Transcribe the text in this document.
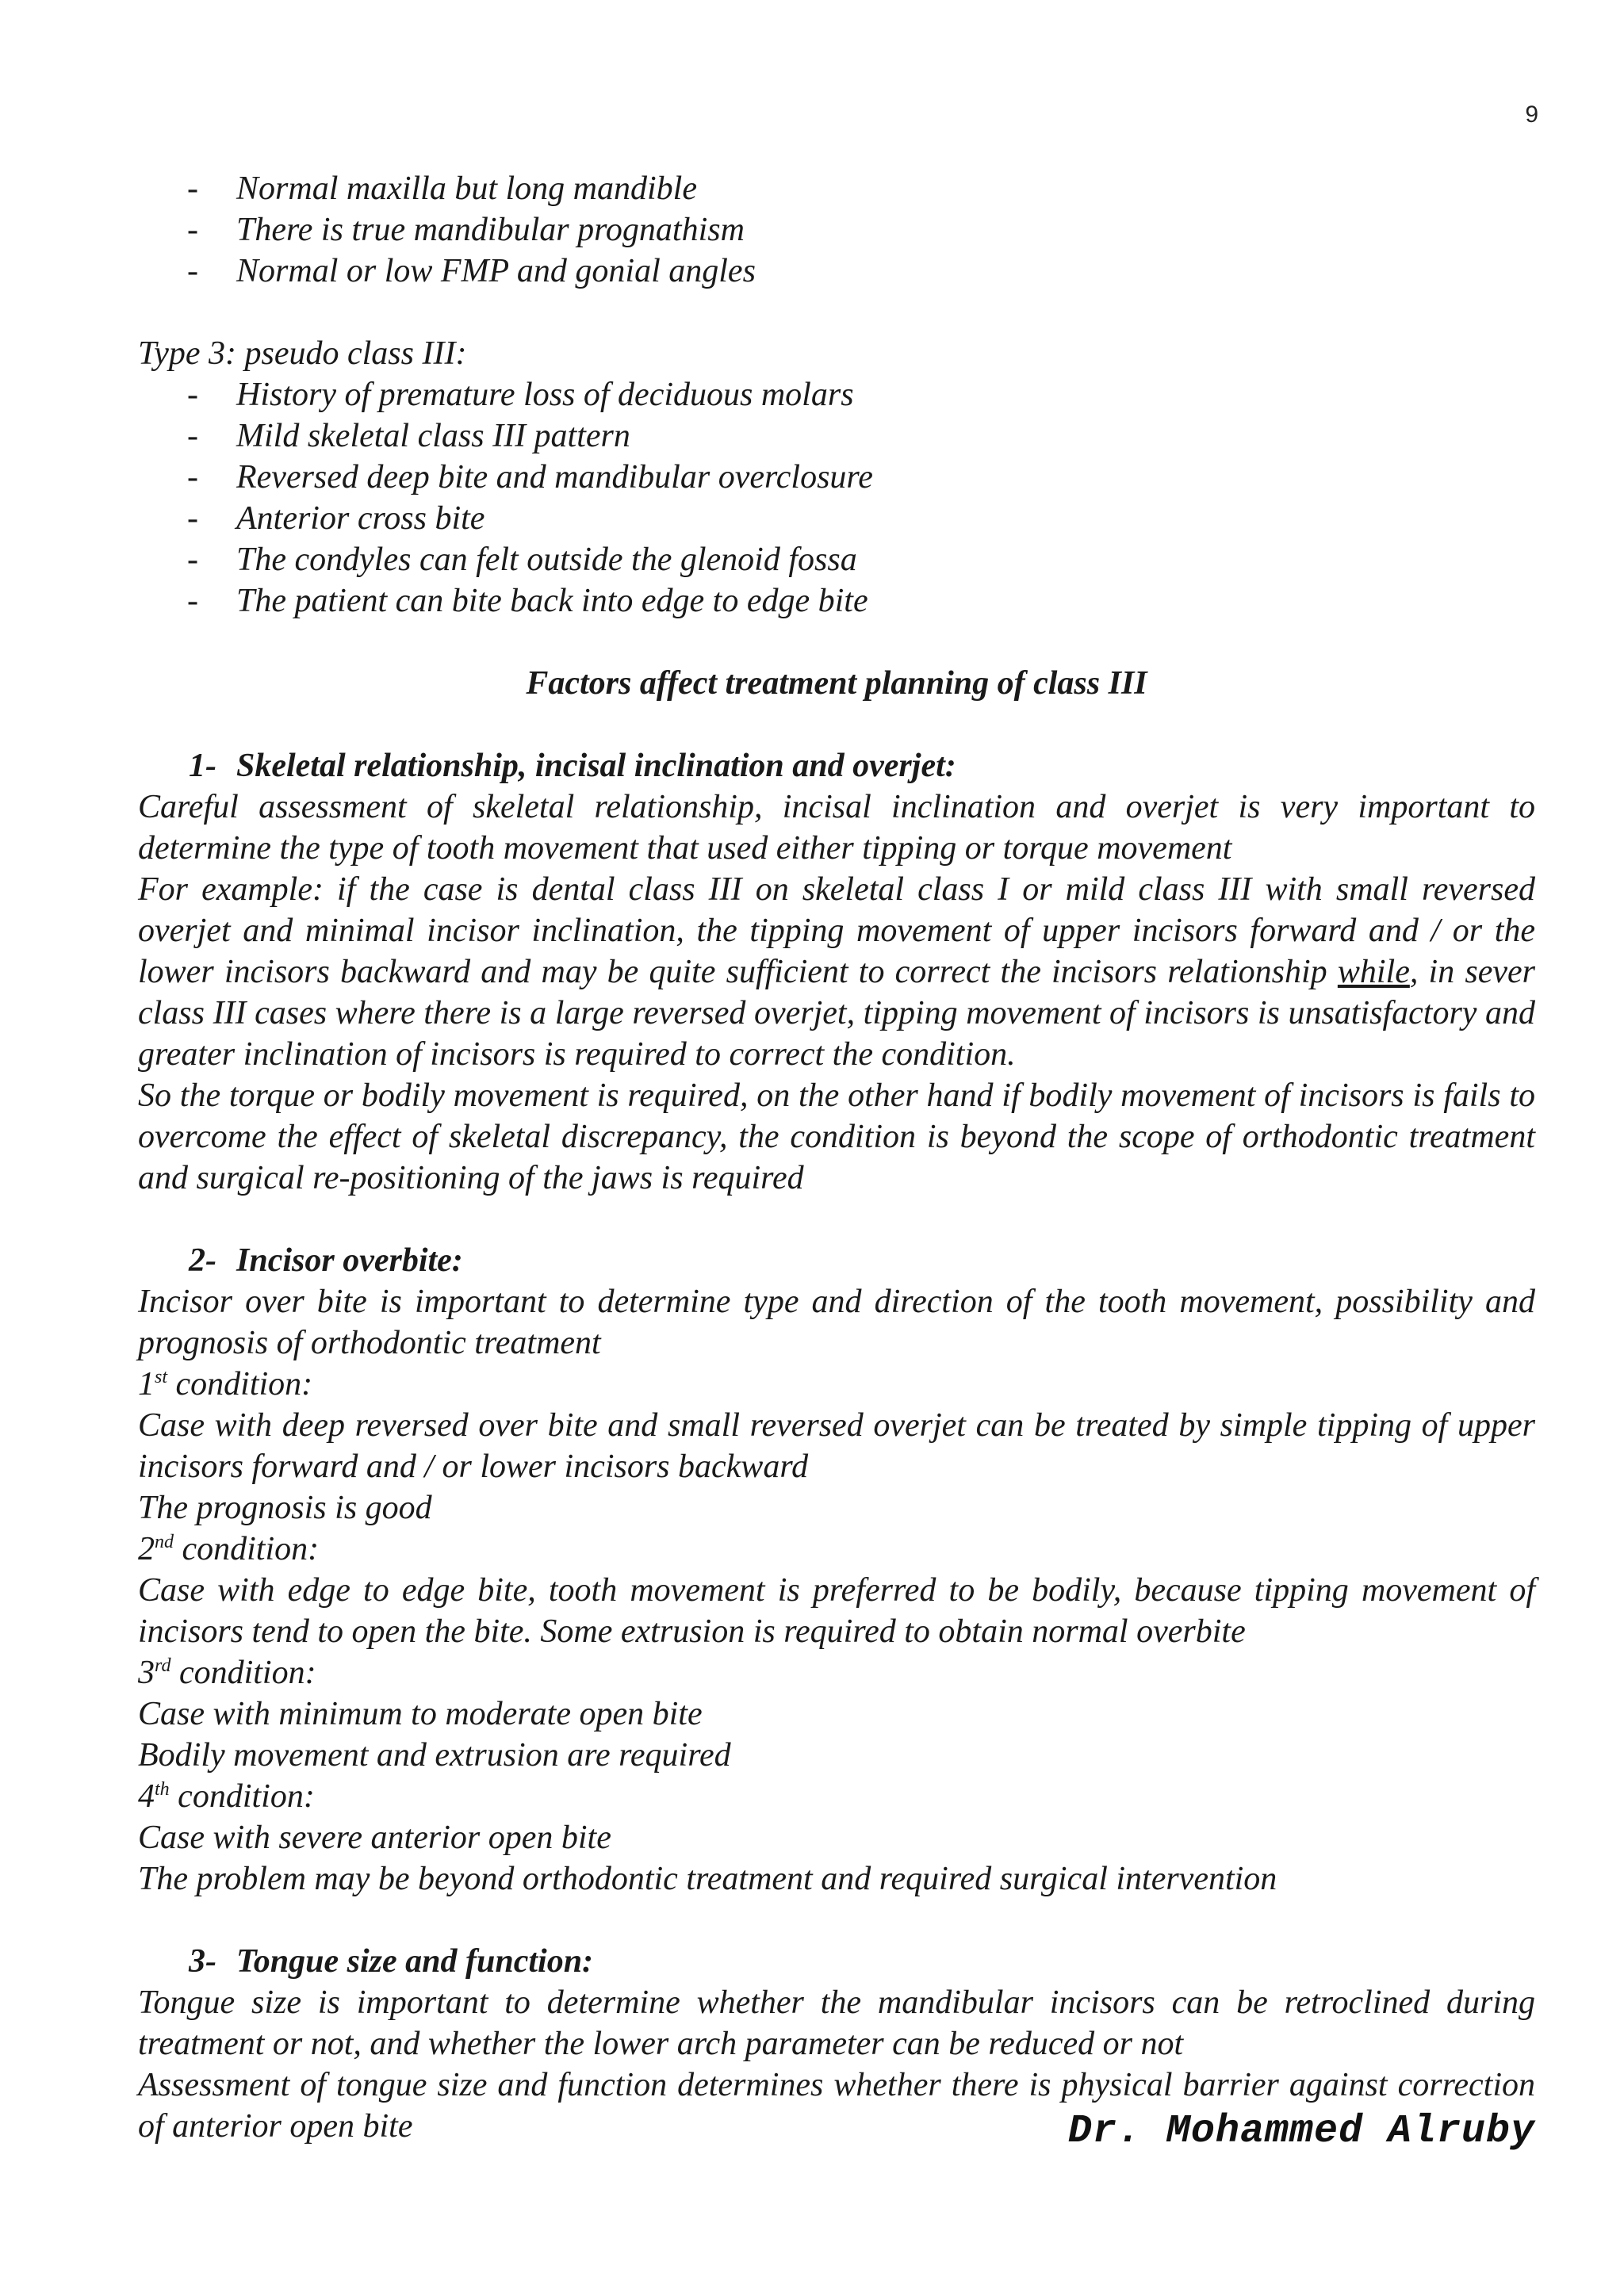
9
- Normal maxilla but long mandible
- There is true mandibular prognathism
- Normal or low FMP and gonial angles

Type 3: pseudo class III:

- History of premature loss of deciduous molars
- Mild skeletal class III pattern
- Reversed deep bite and mandibular overclosure
- Anterior cross bite
- The condyles can felt outside the glenoid fossa
- The patient can bite back into edge to edge bite

Factors affect treatment planning of class III

1- Skeletal relationship, incisal inclination and overjet:

Careful assessment of skeletal relationship, incisal inclination and overjet is very important to determine the type of tooth movement that used either tipping or torque movement

For example: if the case is dental class III on skeletal class I or mild class III with small reversed overjet and minimal incisor inclination, the tipping movement of upper incisors forward and / or the lower incisors backward and may be quite sufficient to correct the incisors relationship while, in sever class III cases where there is a large reversed overjet, tipping movement of incisors is unsatisfactory and greater inclination of incisors is required to correct the condition.

So the torque or bodily movement is required, on the other hand if bodily movement of incisors is fails to overcome the effect of skeletal discrepancy, the condition is beyond the scope of orthodontic treatment and surgical re-positioning of the jaws is required

2- Incisor overbite:

Incisor over bite is important to determine type and direction of the tooth movement, possibility and prognosis of orthodontic treatment

1st condition:

Case with deep reversed over bite and small reversed overjet can be treated by simple tipping of upper incisors forward and / or lower incisors backward

The prognosis is good

2nd condition:

Case with edge to edge bite, tooth movement is preferred to be bodily, because tipping movement of incisors tend to open the bite. Some extrusion is required to obtain normal overbite

3rd condition:

Case with minimum to moderate open bite

Bodily movement and extrusion are required

4th condition:

Case with severe anterior open bite

The problem may be beyond orthodontic treatment and required surgical intervention

3- Tongue size and function:

Tongue size is important to determine whether the mandibular incisors can be retroclined during treatment or not, and whether the lower arch parameter can be reduced or not

Assessment of tongue size and function determines whether there is physical barrier against correction of anterior open bite	Dr. Mohammed Alruby
